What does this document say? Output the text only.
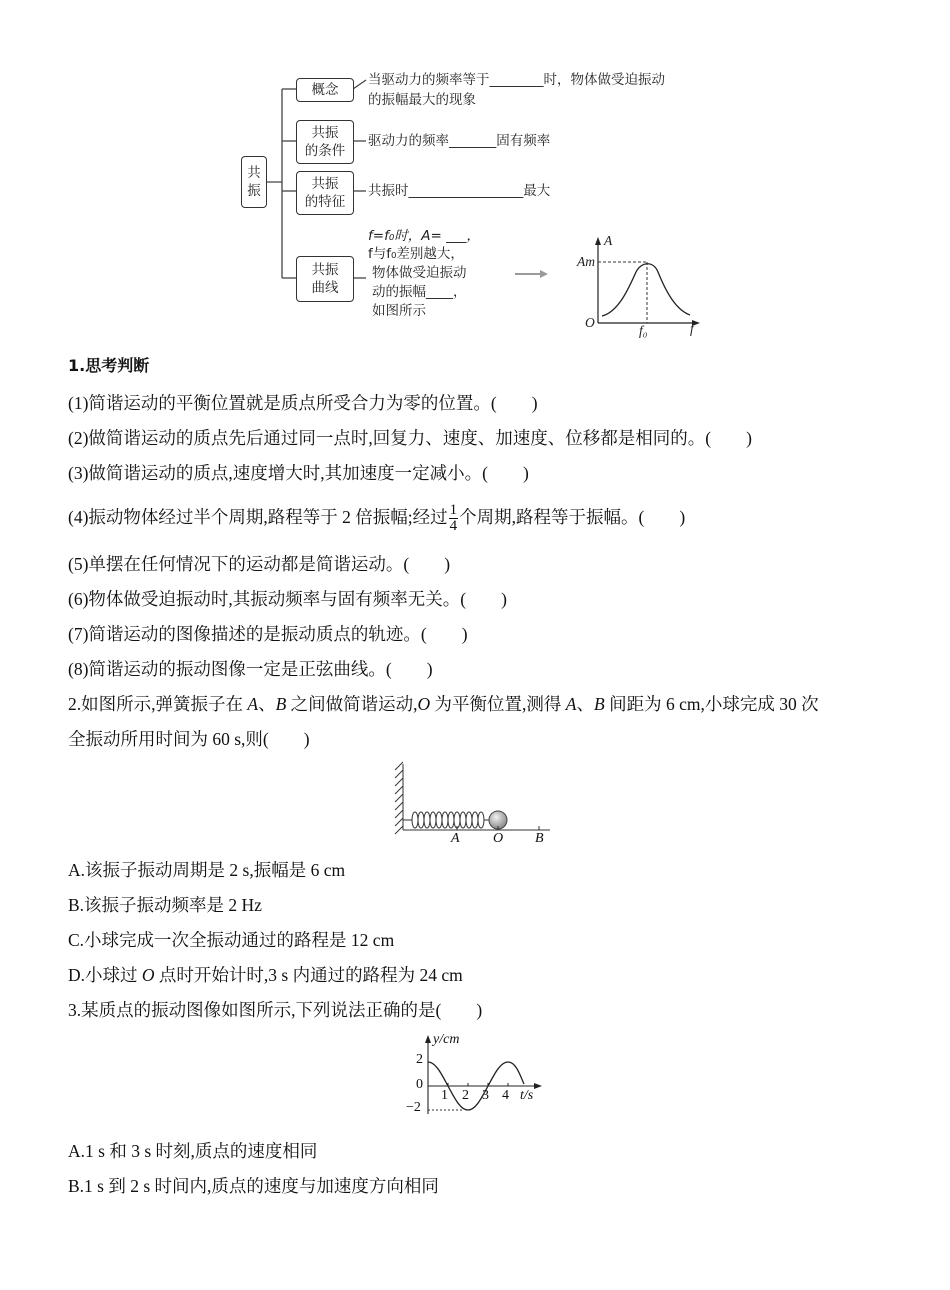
共
振
概念
共振
的条件
共振
的特征
共振
曲线
当驱动力的频率等于________时，物体做受迫振动
的振幅最大的现象
驱动力的频率_______固有频率
共振时_________________最大
f=f₀时，A= ___，
f与f₀差别越大，
物体做受迫振动
动的振幅____，
如图所示
A
Am
O
f₀	f
1.思考判断
(1)简谐运动的平衡位置就是质点所受合力为零的位置。(　　)
(2)做简谐运动的质点先后通过同一点时,回复力、速度、加速度、位移都是相同的。(　　)
(3)做简谐运动的质点,速度增大时,其加速度一定减小。(　　)
(4)振动物体经过半个周期,路程等于 2 倍振幅;经过 $\frac{1}{4}$ 个周期,路程等于振幅。(　　)
(5)单摆在任何情况下的运动都是简谐运动。(　　)
(6)物体做受迫振动时,其振动频率与固有频率无关。(　　)
(7)简谐运动的图像描述的是振动质点的轨迹。(　　)
(8)简谐运动的振动图像一定是正弦曲线。(　　)
2.如图所示,弹簧振子在 A、B 之间做简谐运动,O 为平衡位置,测得 A、B 间距为 6 cm,小球完成 30 次
全振动所用时间为 60 s,则(　　)
A O B
A.该振子振动周期是 2 s,振幅是 6 cm
B.该振子振动频率是 2 Hz
C.小球完成一次全振动通过的路程是 12 cm
D.小球过 O 点时开始计时,3 s 内通过的路程为 24 cm
3.某质点的振动图像如图所示,下列说法正确的是(　　)
y/cm
2
0
−2
1 2 3 4 t/s
A.1 s 和 3 s 时刻,质点的速度相同
B.1 s 到 2 s 时间内,质点的速度与加速度方向相同
